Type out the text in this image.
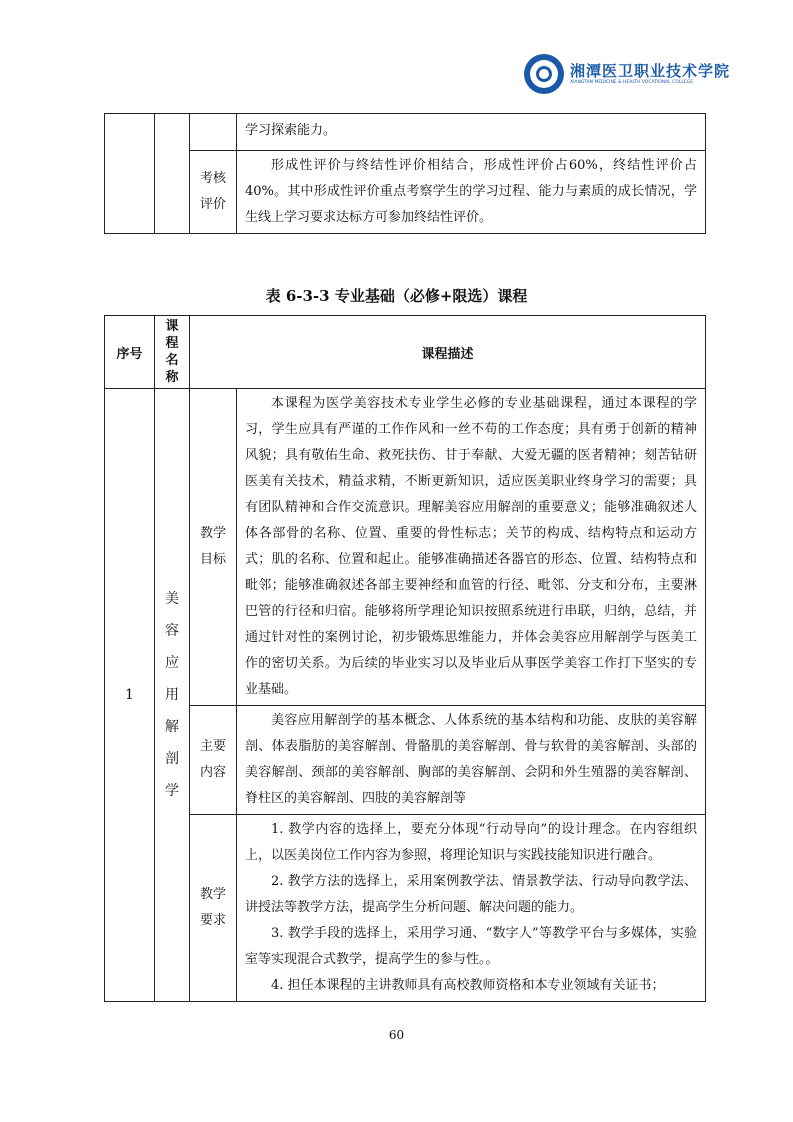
湘潭医卫职业技术学院
XIANGTAN MEDICINE & HEALTH VOCATIONAL COLLEGE
			学习探索能力。

		考核评价	形成性评价与终结性评价相结合，形成性评价占60%，终结性评价占40%。其中形成性评价重点考察学生的学习过程、能力与素质的成长情况，学生线上学习要求达标方可参加终结性评价。
表 6-3-3 专业基础（必修+限选）课程
序号	课程名称	课程描述	
1	美容应用解剖学	教学目标	本课程为医学美容技术专业学生必修的专业基础课程，通过本课程的学习，学生应具有严谨的工作作风和一丝不苟的工作态度；具有勇于创新的精神风貌；具有敬佑生命、救死扶伤、甘于奉献、大爱无疆的医者精神；刻苦钻研医美有关技术，精益求精，不断更新知识，适应医美职业终身学习的需要；具有团队精神和合作交流意识。理解美容应用解剖的重要意义；能够准确叙述人体各部骨的名称、位置、重要的骨性标志；关节的构成、结构特点和运动方式；肌的名称、位置和起止。能够准确描述各器官的形态、位置、结构特点和毗邻；能够准确叙述各部主要神经和血管的行径、毗邻、分支和分布，主要淋巴管的行径和归宿。能够将所学理论知识按照系统进行串联，归纳，总结，并通过针对性的案例讨论，初步锻炼思维能力，并体会美容应用解剖学与医美工作的密切关系。为后续的毕业实习以及毕业后从事医学美容工作打下坚实的专业基础。

		主要内容	美容应用解剖学的基本概念、人体系统的基本结构和功能、皮肤的美容解剖、体表脂肪的美容解剖、骨骼肌的美容解剖、骨与软骨的美容解剖、头部的美容解剖、颈部的美容解剖、胸部的美容解剖、会阴和外生殖器的美容解剖、脊柱区的美容解剖、四肢的美容解剖等

		教学要求	1. 教学内容的选择上，要充分体现“行动导向”的设计理念。在内容组织上，以医美岗位工作内容为参照，将理论知识与实践技能知识进行融合。
2. 教学方法的选择上，采用案例教学法、情景教学法、行动导向教学法、讲授法等教学方法，提高学生分析问题、解决问题的能力。
3. 教学手段的选择上，采用学习通、“数字人”等教学平台与多媒体，实验室等实现混合式教学，提高学生的参与性。。
4. 担任本课程的主讲教师具有高校教师资格和本专业领域有关证书；
60
